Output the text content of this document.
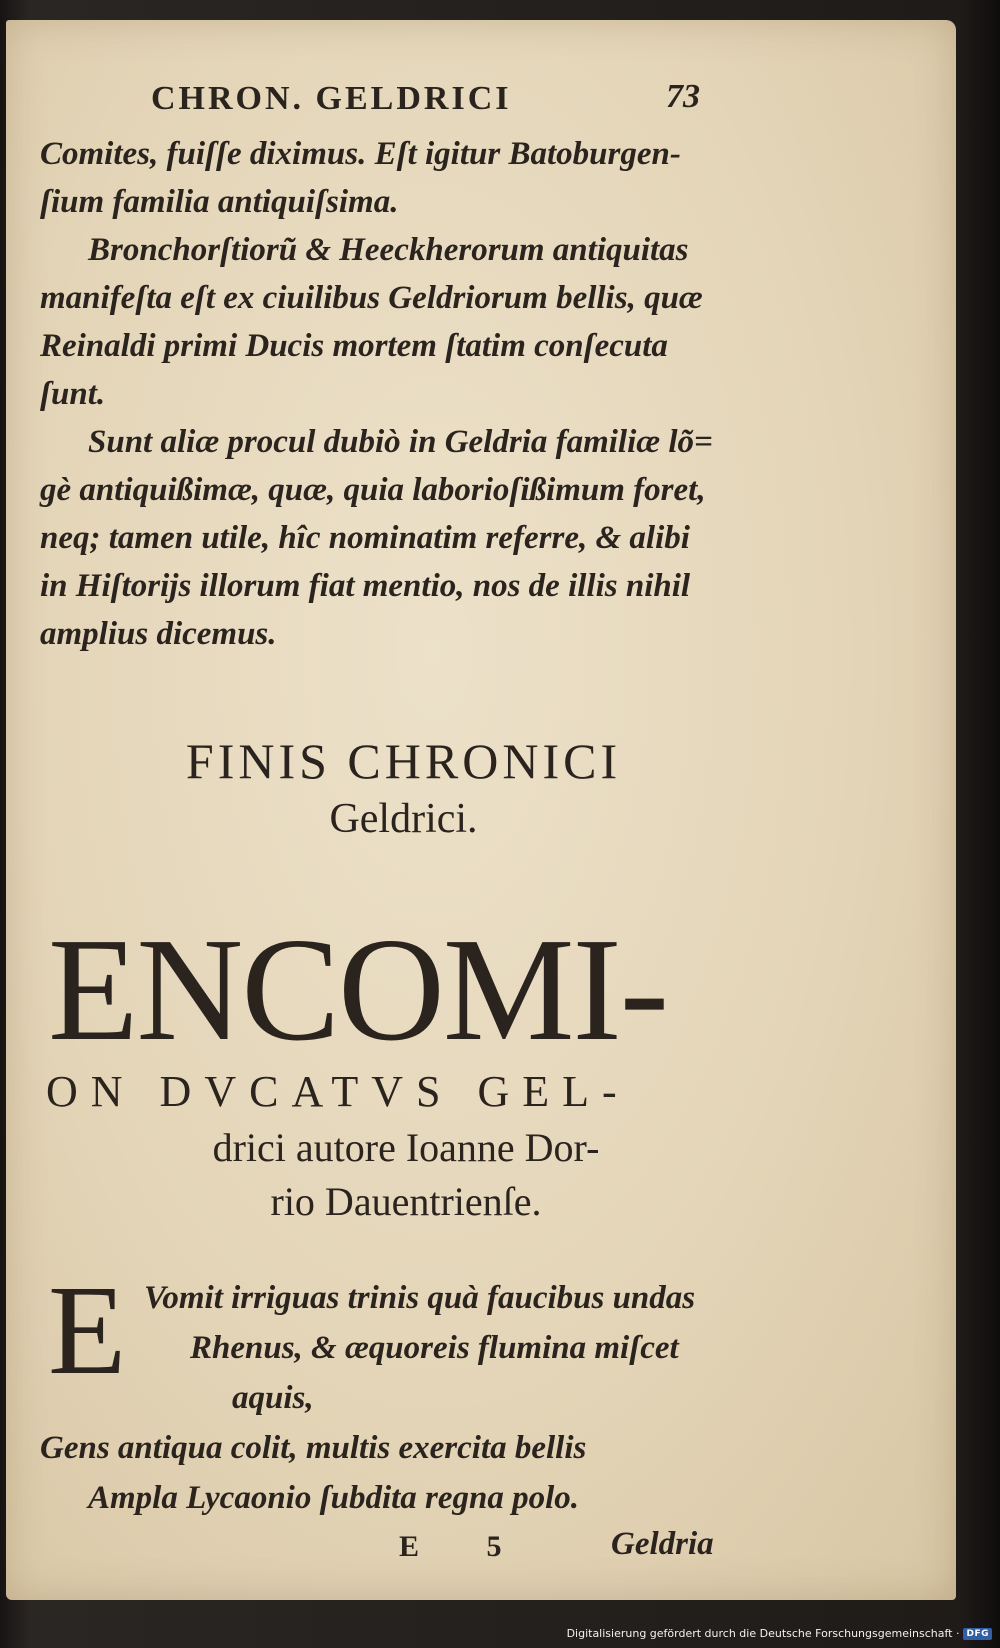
CHRON. GELDRICI	73

Comites, fuiſſe diximus. Eſt igitur Batoburgen-

ſium familia antiquiſsima.

Bronchorſtiorũ & Heeckherorum antiquitas

manifeſta eſt ex ciuilibus Geldriorum bellis, quæ

Reinaldi primi Ducis mortem ſtatim conſecuta

ſunt.

Sunt aliæ procul dubiò in Geldria familiæ lõ=

gè antiquißimæ, quæ, quia laborioſißimum foret,

neq; tamen utile, hîc nominatim referre, & alibi

in Hiſtorijs illorum fiat mentio, nos de illis nihil

amplius dicemus.

FINIS CHRONICI

Geldrici.

ENCOMI-

ON DVCATVS GEL-

drici autore Ioanne Dor-

rio Dauentrienſe.

E Vomit irriguas trinis quà faucibus undas

Rhenus, & æquoreis flumina miſcet

aquis,

Gens antiqua colit, multis exercita bellis

Ampla Lycaonio ſubdita regna polo.

E 5 Geldria

Digitalisierung gefördert durch die Deutsche Forschungsgemeinschaft · DFG
